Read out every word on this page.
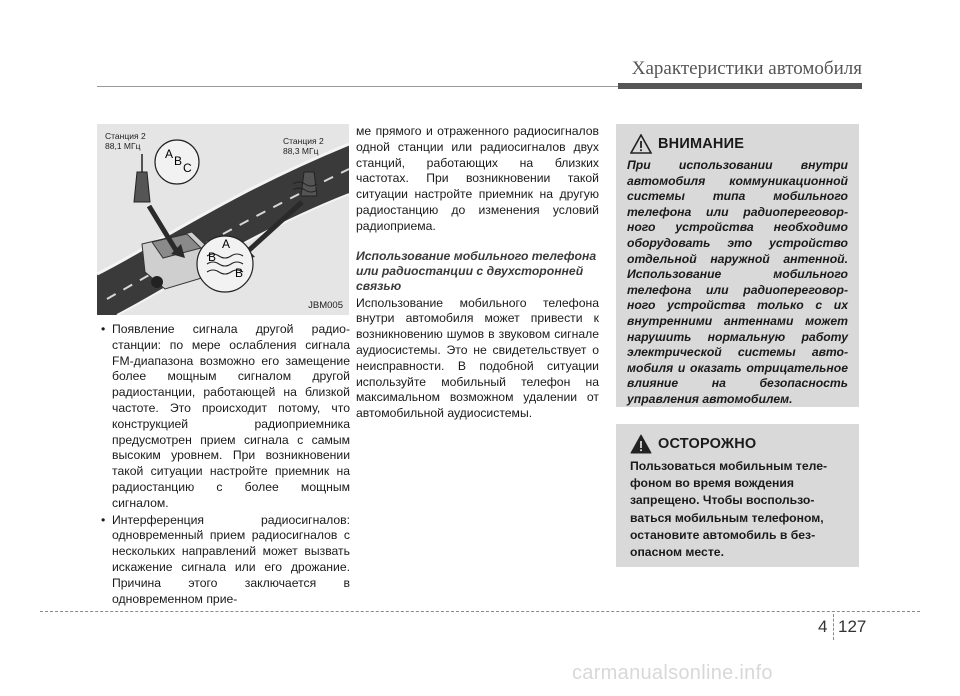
Характеристики автомобиля
A B C
A
B
B
Станция 2
88,1 МГц	Станция 2
88,3 МГц
JBM005
• Появление сигнала другой радиостанции: по мере ослабления сигнала FM-диапазона возможно его замещение более мощным сигналом другой радиостанции, работающей на близкой частоте. Это происходит потому, что конструкцией радиоприемника предусмотрен прием сигнала с самым высоким уровнем. При возникновении такой ситуации настройте приемник на радиостанцию с более мощным сигналом.
• Интерференция радиосигналов: одновременный прием радиосигналов с нескольких направлений может вызвать искажение сигнала или его дрожание. Причина этого заключается в одновременном прие-
ме прямого и отраженного радиосигналов одной станции или радиосигналов двух станций, работающих на близких частотах. При возникновении такой ситуации настройте приемник на другую радиостанцию до изменения условий радиоприема.
Использование мобильного телефона или радиостанции с двухсторонней связью
Использование мобильного телефона внутри автомобиля может привести к возникновению шумов в звуковом сигнале аудиосистемы. Это не свидетельствует о неисправности. В подобной ситуации используйте мобильный телефон на максимальном возможном удалении от автомобильной аудиосистемы.
ВНИМАНИЕ
При использовании внутри автомобиля коммуникационной системы типа мобильного телефона или радиопереговорного устройства необходимо оборудовать это устройство отдельной наружной антенной. Использование мобильного телефона или радиопереговорного устройства только с их внутренними антеннами может нарушить нормальную работу электрической системы автомобиля и оказать отрицательное влияние на безопасность управления автомобилем.
ОСТОРОЖНО
Пользоваться мобильным телефоном во время вождения запрещено. Чтобы воспользоваться мобильным телефоном, остановите автомобиль в безопасном месте.
4 127
carmanualsonline.info
